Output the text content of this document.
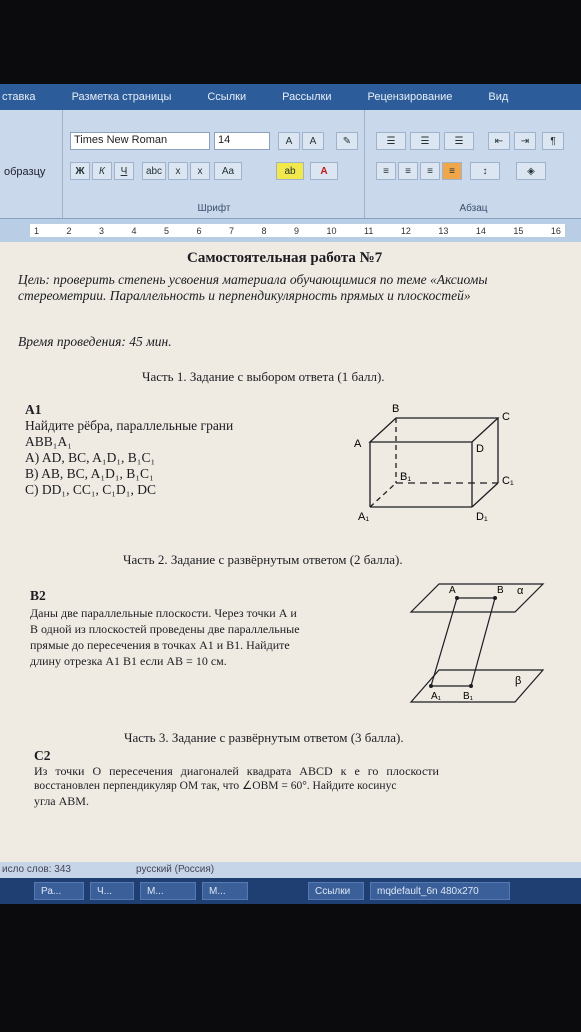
ставка	Разметка страницы	Ссылки	Рассылки	Рецензирование	Вид
образцу
Times New Roman	14	A	A	✎
Ж	К	Ч	abc	x	x	Aa	ab	A
Шрифт
☰	☰	☰	⇤	⇥	¶
≡	≡	≡	≡	↕	◈
Абзац
1	2	3	4	5	6	7	8	9	10	11	12	13	14	15	16
Самостоятельная работа №7
Цель: проверить степень усвоения материала обучающимися по теме «Аксиомы стереометрии. Параллельность и перпендикулярность прямых и плоскостей»
Время проведения: 45 мин.
Часть 1. Задание с выбором ответа (1 балл).
А1
Найдите рёбра, параллельные грани
ABB₁A₁
A) AD, BC, A₁D₁, B₁C₁
B) AB, BC, A₁D₁, B₁C₁
C) DD₁, CC₁, C₁D₁, DC
B
C
A	D
B₁	C₁
A₁	D₁
Часть 2. Задание с развёрнутым ответом (2 балла).
В2
Даны две параллельные плоскости. Через точки А и
В одной из плоскостей проведены две параллельные
прямые до пересечения в точках А1 и В1. Найдите
длину отрезка А1 В1 если АВ = 10 см.
A	B α
A₁ B₁
β
Часть 3. Задание с развёрнутым ответом (3 балла).
С2
Из точки О пересечения диагоналей квадрата ABCD к е го плоскости
восстановлен перпендикуляр ОМ так, что ∠OBM = 60°. Найдите косинус
угла ABM.
исло слов: 343	русский (Россия)
Ра...	Ч...	M...	M...	Ссылки	mqdefault_6n 480x270
